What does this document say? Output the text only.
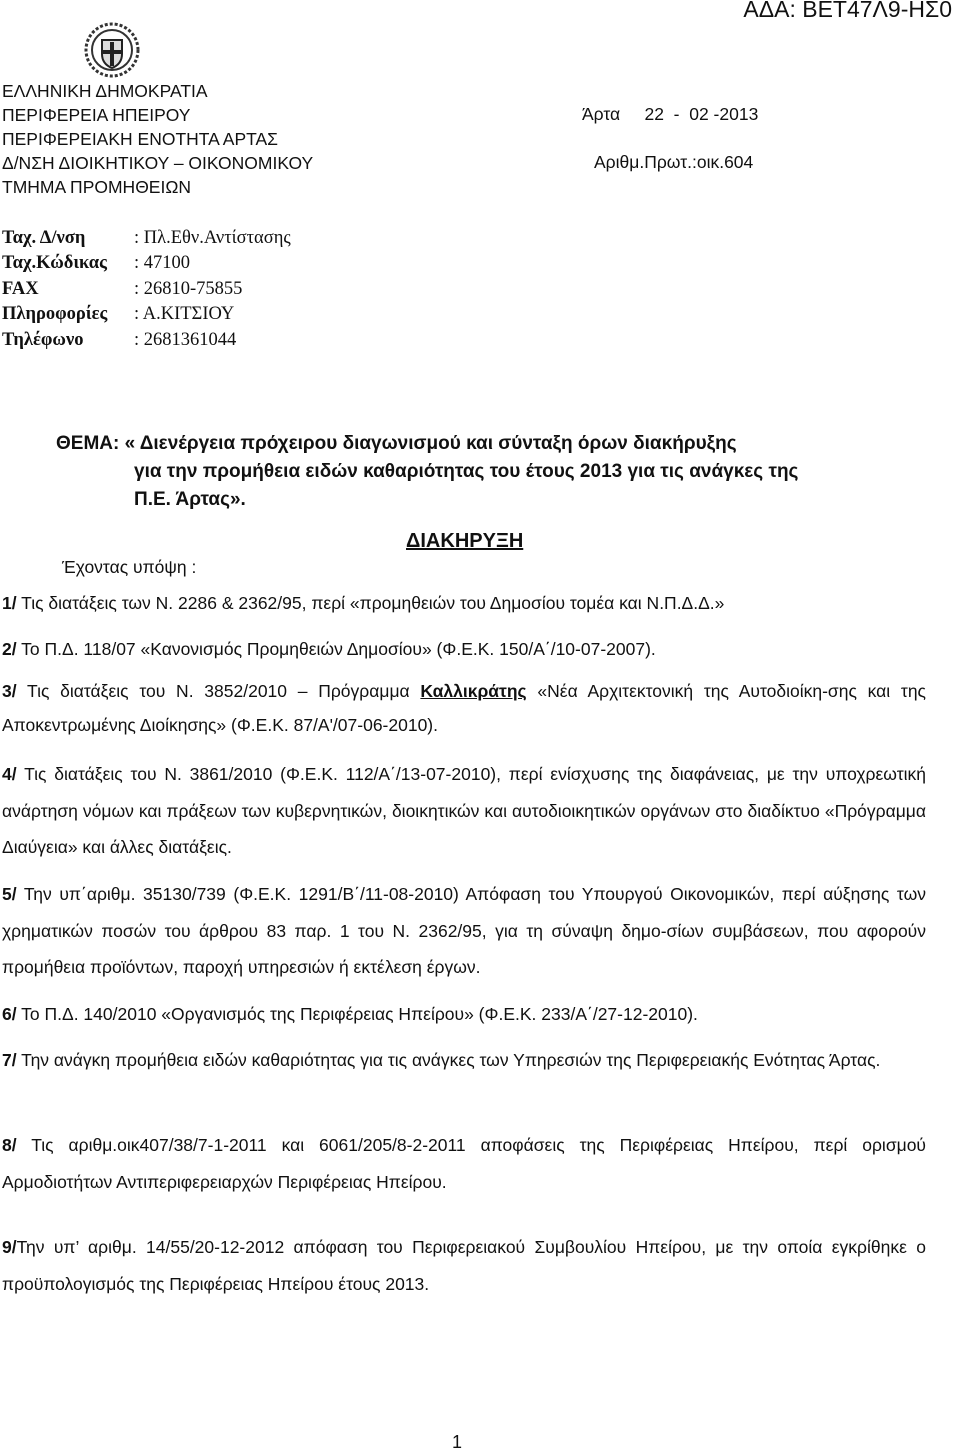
ΑΔΑ: ΒΕΤ47Λ9-ΗΣ0
ΕΛΛΗΝΙΚΗ ΔΗΜΟΚΡΑΤΙΑ
ΠΕΡΙΦΕΡΕΙΑ ΗΠΕΙΡΟΥ
ΠΕΡΙΦΕΡΕΙΑΚΗ ΕΝΟΤΗΤΑ ΑΡΤΑΣ
Δ/ΝΣΗ ΔΙΟΙΚΗΤΙΚΟΥ – ΟΙΚΟΝΟΜΙΚΟΥ
ΤΜΗΜΑ ΠΡΟΜΗΘΕΙΩΝ
Άρτα     22  -  02 -2013
Αριθμ.Πρωτ.:οικ.604
Ταχ. Δ/νση	: Πλ.Εθν.Αντίστασης
Ταχ.Κώδικας : 47100
FAX	: 26810-75855
Πληροφορίες : Α.ΚΙΤΣΙΟΥ
Τηλέφωνο	: 2681361044
ΘΕΜΑ: « Διενέργεια πρόχειρου διαγωνισμού και σύνταξη όρων διακήρυξης
για την προμήθεια ειδών καθαριότητας του έτους 2013 για τις ανάγκες της
Π.Ε. Άρτας».
ΔΙΑΚΗΡΥΞΗ
Έχοντας υπόψη :
1/ Τις διατάξεις των Ν. 2286 & 2362/95, περί «προμηθειών του Δημοσίου τομέα και Ν.Π.Δ.Δ.»
2/ Το Π.Δ. 118/07 «Κανονισμός Προμηθειών Δημοσίου» (Φ.Ε.Κ. 150/Α΄/10-07-2007).
3/ Τις διατάξεις του Ν. 3852/2010 – Πρόγραμμα Καλλικράτης «Νέα Αρχιτεκτονική της Αυτοδιοίκη-σης και της Αποκεντρωμένης Διοίκησης» (Φ.Ε.Κ. 87/Α'/07-06-2010).
4/ Τις διατάξεις του Ν. 3861/2010 (Φ.Ε.Κ. 112/Α΄/13-07-2010), περί ενίσχυσης της διαφάνειας, με την υποχρεωτική ανάρτηση νόμων και πράξεων των κυβερνητικών, διοικητικών και αυτοδιοικητικών οργάνων στο διαδίκτυο «Πρόγραμμα Διαύγεια» και άλλες διατάξεις.
5/ Την υπ΄αριθμ. 35130/739 (Φ.Ε.Κ. 1291/Β΄/11-08-2010) Απόφαση του Υπουργού Οικονομικών, περί αύξησης των χρηματικών ποσών του άρθρου 83 παρ. 1 του Ν. 2362/95, για τη σύναψη δημο-σίων συμβάσεων, που αφορούν προμήθεια προϊόντων, παροχή υπηρεσιών ή εκτέλεση έργων.
6/ Το Π.Δ. 140/2010 «Οργανισμός της Περιφέρειας Ηπείρου» (Φ.Ε.Κ. 233/Α΄/27-12-2010).
7/ Την ανάγκη προμήθεια ειδών καθαριότητας για τις ανάγκες των Υπηρεσιών της Περιφερειακής Ενότητας Άρτας.
8/ Τις αριθμ.οικ407/38/7-1-2011 και 6061/205/8-2-2011 αποφάσεις της Περιφέρειας Ηπείρου, περί ορισμού Αρμοδιοτήτων Αντιπεριφερειαρχών Περιφέρειας Ηπείρου.
9/Την υπ’ αριθμ. 14/55/20-12-2012 απόφαση του Περιφερειακού Συμβουλίου Ηπείρου, με την οποία εγκρίθηκε ο προϋπολογισμός της Περιφέρειας Ηπείρου έτους 2013.
1
